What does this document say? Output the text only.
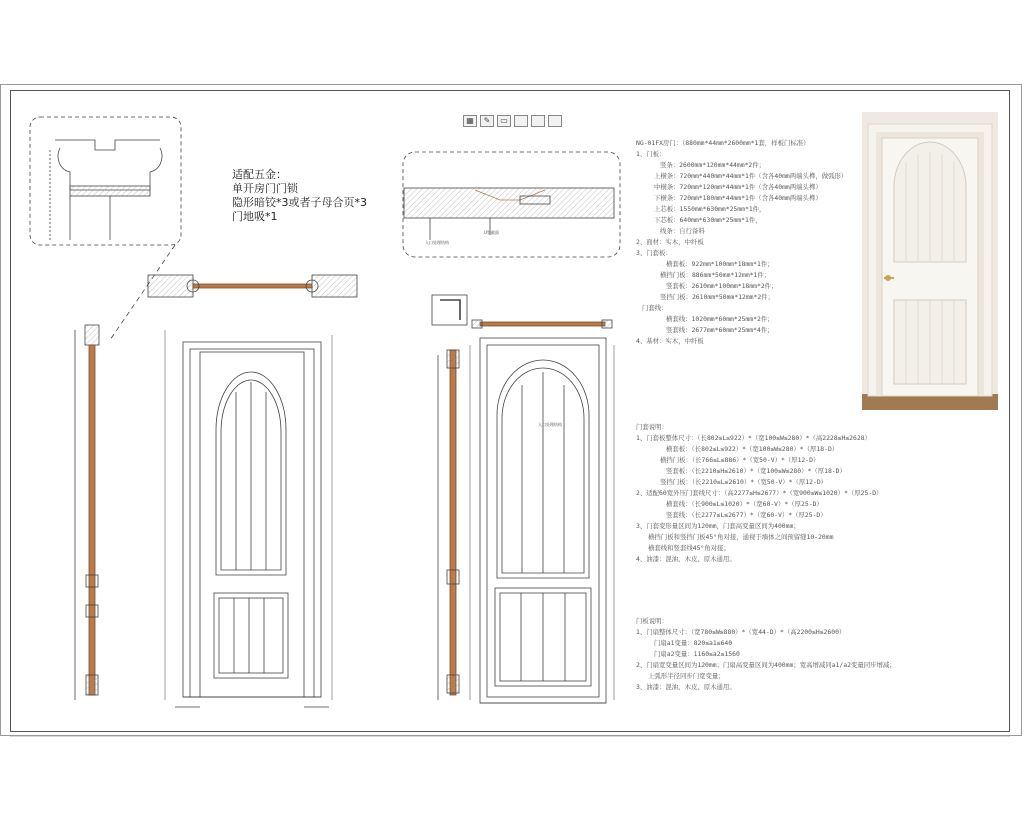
▦	✎	▭
入口处理结构
U型截面
入口处理结构
适配五金：
单开房门门锁
隐形暗铰*3或者子母合页*3
门地吸*1
NG-01FX房门：（880mm*44mm*2600mm*1套，样板门标准）
1、门板：
竖条：2600mm*120mm*44mm*2件；
上横条：720mm*440mm*44mm*1件（含各40mm两端头榫，做弧形）
中横条：720mm*120mm*44mm*1件（含各40mm两端头榫）
下横条：720mm*180mm*44mm*1件（含各40mm两端头榫）
上芯板：1550mm*630mm*25mm*1件，
下芯板：640mm*630mm*25mm*1件，
线条：自行备料
2、面材：实木，中纤板
3、门套板：
横套板：922mm*100mm*18mm*1件；
横挡门板：886mm*50mm*12mm*1件；
竖套板：2610mm*100mm*18mm*2件；
竖挡门板：2610mm*50mm*12mm*2件；
门套线：
横套线：1020mm*60mm*25mm*2件；
竖套线：2677mm*60mm*25mm*4件；
4、基材：实木，中纤板
门套说明：
1、门套板整体尺寸：（长802≤L≤922）*（宽100≤W≤280）*（高2228≤H≤2628）
横套板：（长802≤L≤922）*（宽100≤W≤280）*（厚18-D）
横挡门板：（长766≤L≤886）*（宽50-V）*（厚12-D）
竖套板：（长2210≤H≤2610）*（宽100≤W≤280）*（厚18-D）
竖挡门板：（长2210≤L≤2610）*（宽50-V）*（厚12-D）
2、适配60宽外压门套线尺寸：（高2277≤H≤2677）*（宽900≤W≤1020）*（厚25-D）
横套线：（长900≤L≤1020）*（宽60-V）*（厚25-D）
竖套线：（长2277≤L≤2677）*（宽60-V）*（厚25-D）
3、门套变形量区间为120mm，门套高变量区间为400mm；
横挡门板和竖挡门板45°角对接，通视于墙体之间预留缝10-20mm
横套线和竖套线45°角对接；
4、油漆：混油、木皮、原木通用。
门板说明：
1、门扇整体尺寸：（宽780≤W≤880）*（宽44-D）*（高2200≤H≤2600）
门扇a1变量：820≤a1≤640
门扇a2变量：1160≤a2≤1560
2、门扇宽变量区间为120mm；门扇高变量区间为400mm；宽高增减同a1/a2变量同步增减；
上弧形半径同步门宽变量；
3、油漆：混油、木皮、原木通用。
